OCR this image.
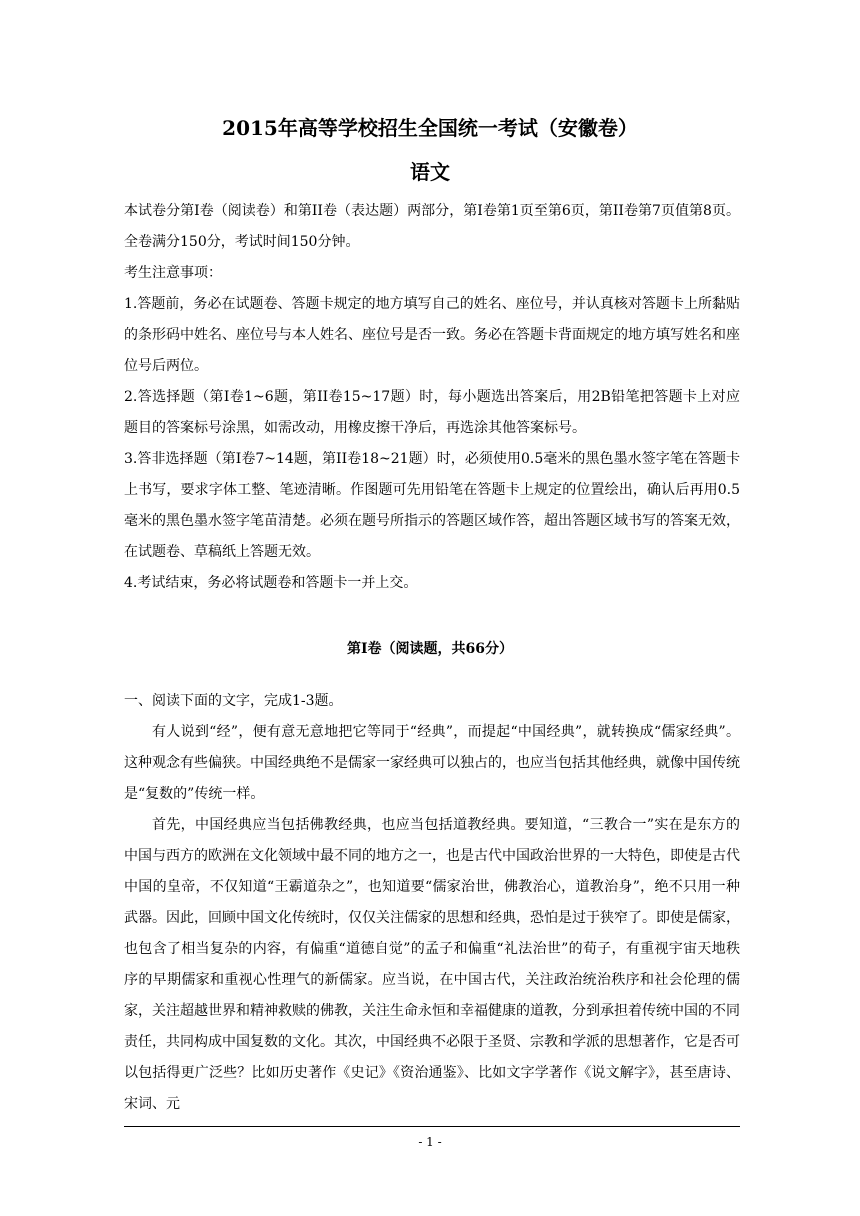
2015年高等学校招生全国统一考试（安徽卷）
语文

本试卷分第I卷（阅读卷）和第II卷（表达题）两部分，第I卷第1页至第6页，第II卷第7页值第8页。全卷满分150分，考试时间150分钟。

考生注意事项：

1.答题前，务必在试题卷、答题卡规定的地方填写自己的姓名、座位号，并认真核对答题卡上所黏贴的条形码中姓名、座位号与本人姓名、座位号是否一致。务必在答题卡背面规定的地方填写姓名和座位号后两位。

2.答选择题（第I卷1~6题，第II卷15~17题）时，每小题选出答案后，用2B铅笔把答题卡上对应题目的答案标号涂黑，如需改动，用橡皮擦干净后，再选涂其他答案标号。

3.答非选择题（第I卷7~14题，第II卷18~21题）时，必须使用0.5毫米的黑色墨水签字笔在答题卡上书写，要求字体工整、笔迹清晰。作图题可先用铅笔在答题卡上规定的位置绘出，确认后再用0.5毫米的黑色墨水签字笔苗清楚。必须在题号所指示的答题区域作答，超出答题区域书写的答案无效，在试题卷、草稿纸上答题无效。

4.考试结束，务必将试题卷和答题卡一并上交。

第I卷（阅读题，共66分）

一、阅读下面的文字，完成1-3题。

有人说到“经”，便有意无意地把它等同于“经典”，而提起“中国经典”，就转换成“儒家经典”。这种观念有些偏狭。中国经典绝不是儒家一家经典可以独占的，也应当包括其他经典，就像中国传统是“复数的”传统一样。

首先，中国经典应当包括佛教经典，也应当包括道教经典。要知道，“三教合一”实在是东方的中国与西方的欧洲在文化领域中最不同的地方之一，也是古代中国政治世界的一大特色，即使是古代中国的皇帝，不仅知道“王霸道杂之”，也知道要“儒家治世，佛教治心，道教治身”，绝不只用一种武器。因此，回顾中国文化传统时，仅仅关注儒家的思想和经典，恐怕是过于狭窄了。即使是儒家，也包含了相当复杂的内容，有偏重“道德自觉”的孟子和偏重“礼法治世”的荀子，有重视宇宙天地秩序的早期儒家和重视心性理气的新儒家。应当说，在中国古代，关注政治统治秩序和社会伦理的儒家，关注超越世界和精神救赎的佛教，关注生命永恒和幸福健康的道教，分到承担着传统中国的不同责任，共同构成中国复数的文化。其次，中国经典不必限于圣贤、宗教和学派的思想著作，它是否可以包括得更广泛些？比如历史著作《史记》《资治通鉴》、比如文字学著作《说文解字》，甚至唐诗、宋词、元

- 1 -
